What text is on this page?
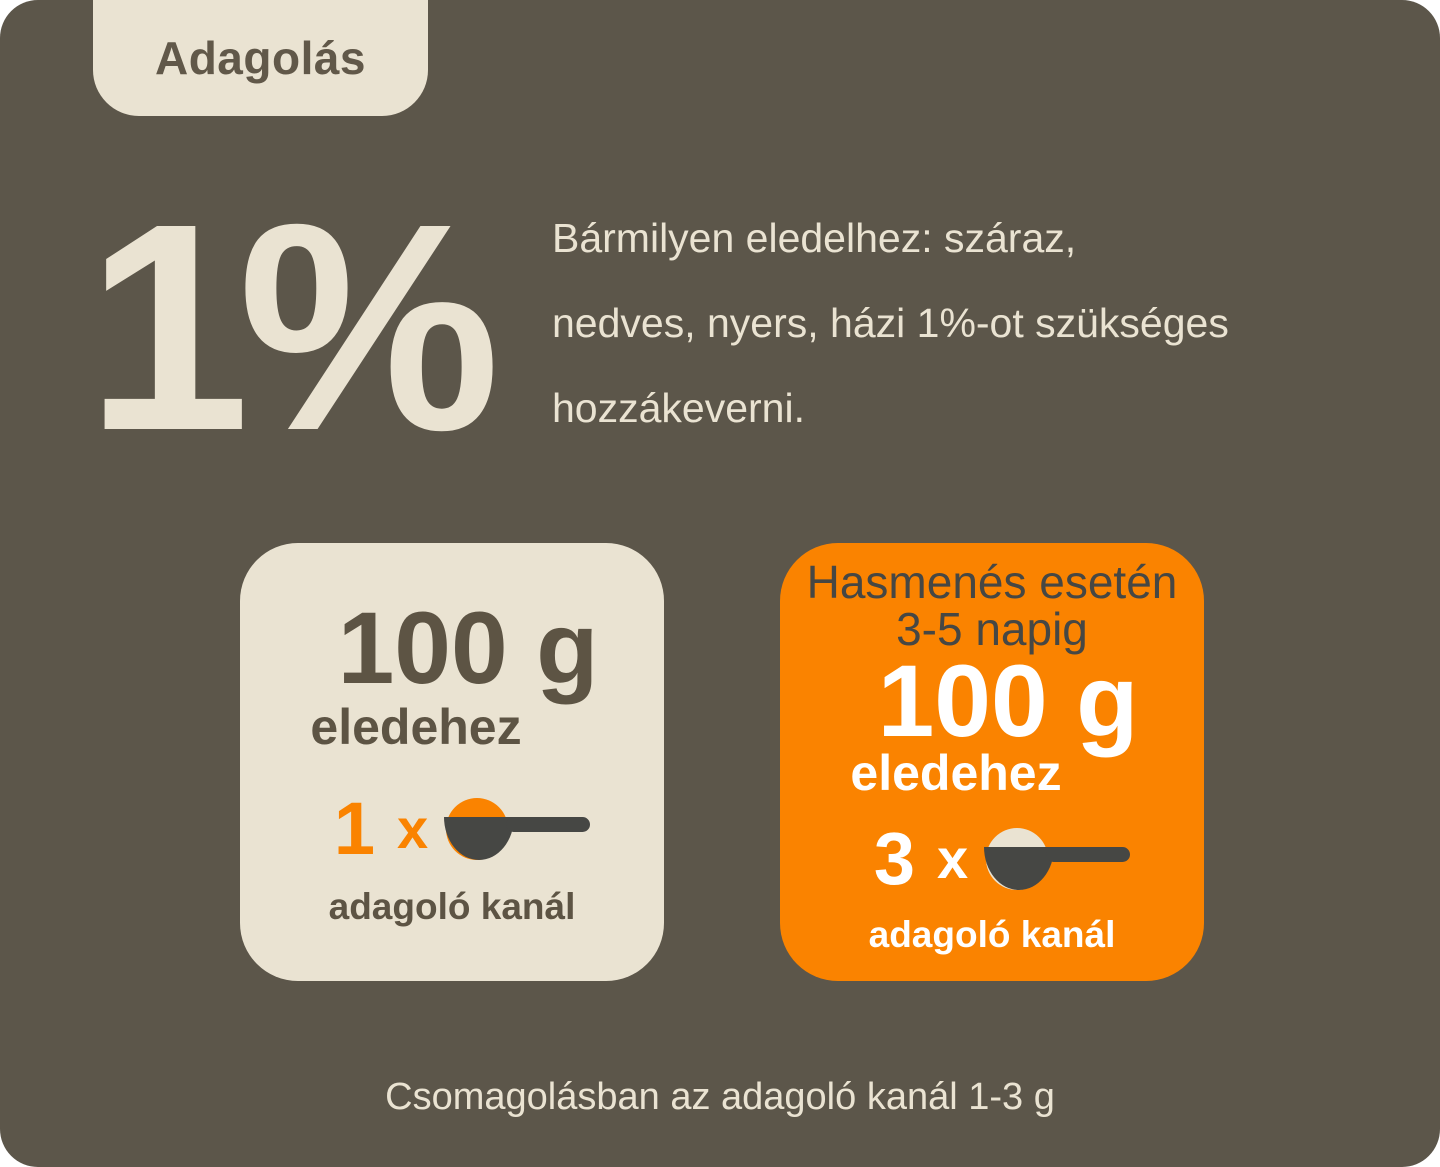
Adagolás
1% Bármilyen eledelhez: száraz,
nedves, nyers, házi 1%-ot szükséges
hozzákeverni.
100 g
eledehez
1 x
adagoló kanál
Hasmenés esetén
3-5 napig
100 g
eledehez
3 x
adagoló kanál
Csomagolásban az adagoló kanál 1-3 g
